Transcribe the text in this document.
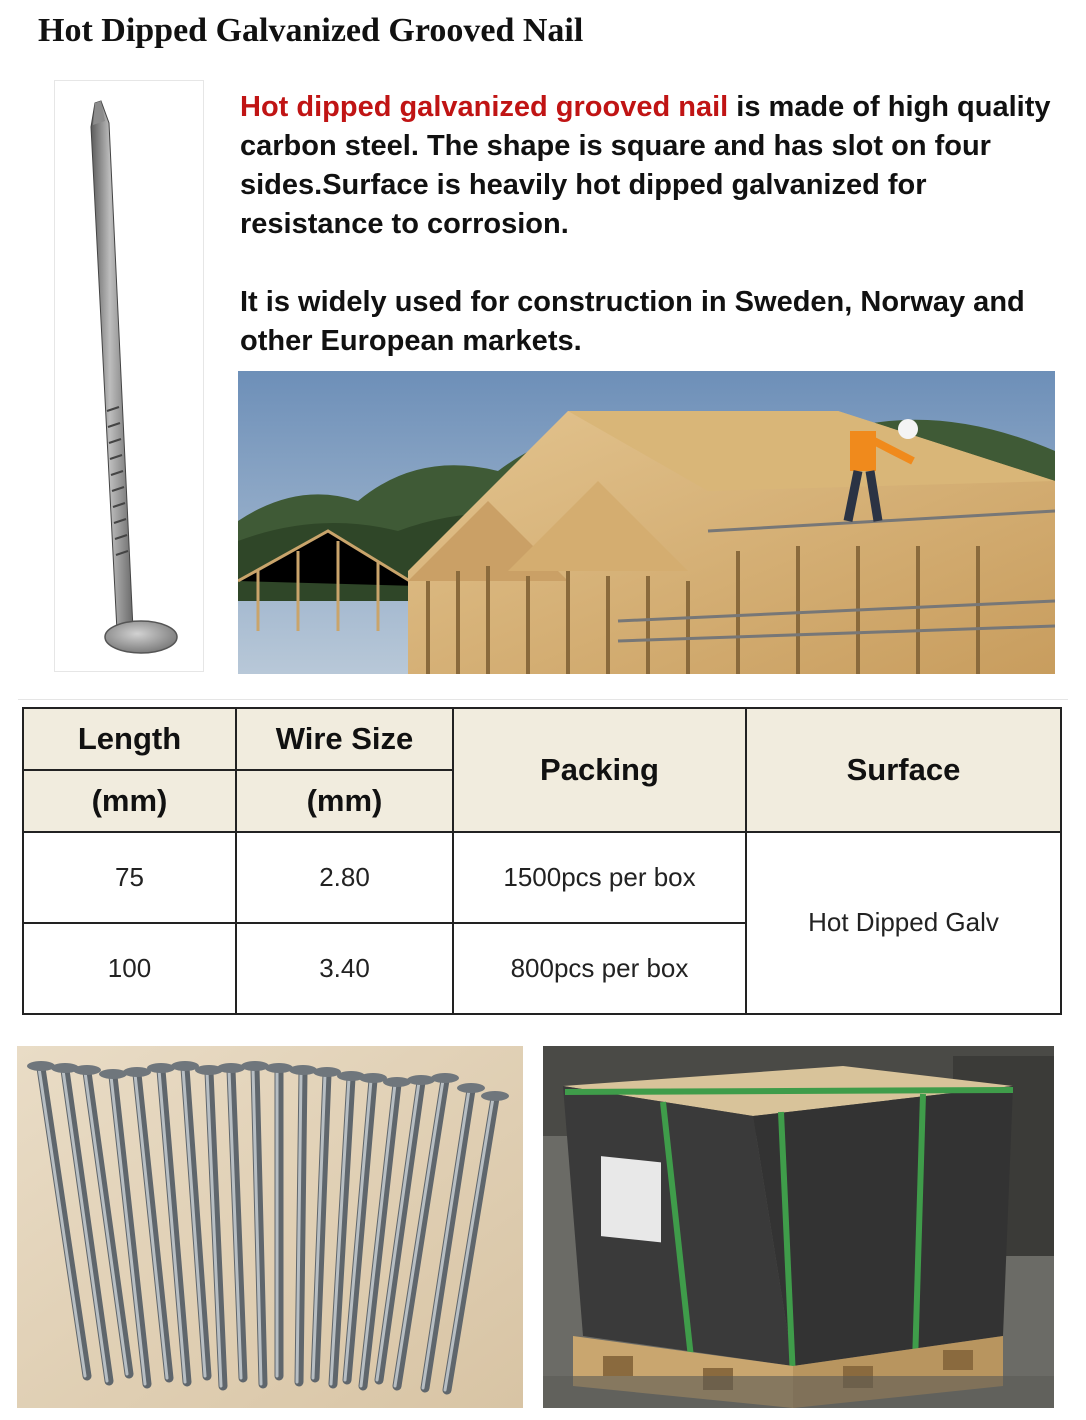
Hot Dipped Galvanized Grooved Nail

Hot dipped galvanized grooved nail is made of high quality carbon steel. The shape is square and has slot on four sides.Surface is heavily hot dipped galvanized for resistance to corrosion.

It is widely used for construction in Sweden, Norway and other European markets.

Length	Wire Size	Packing	Surface
(mm)	(mm)		
75	2.80	1500pcs per box	Hot Dipped Galv
100	3.40	800pcs per box	
